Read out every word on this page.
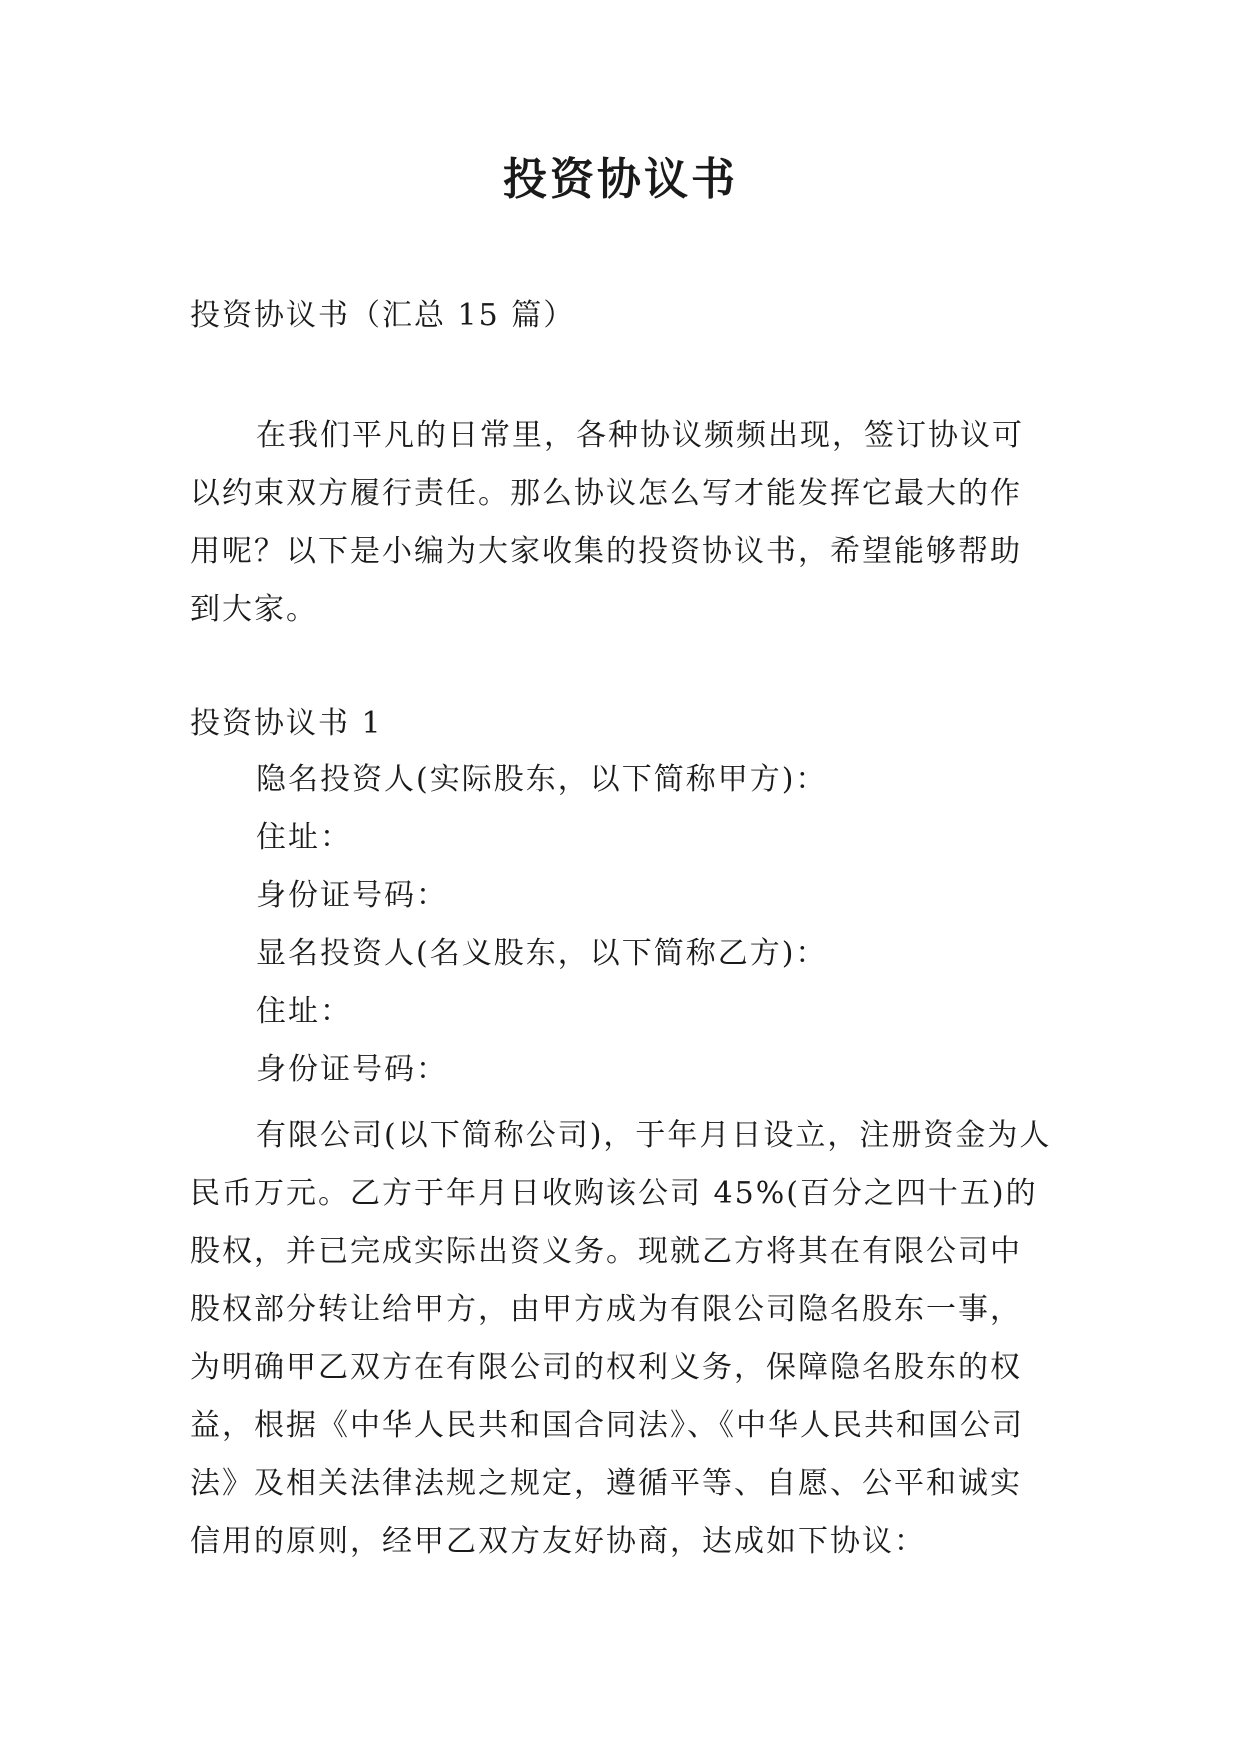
投资协议书
投资协议书（汇总 15 篇）

在我们平凡的日常里，各种协议频频出现，签订协议可以约束双方履行责任。那么协议怎么写才能发挥它最大的作用呢？以下是小编为大家收集的投资协议书，希望能够帮助到大家。

投资协议书 1
隐名投资人(实际股东，以下简称甲方)：
住址：
身份证号码：
显名投资人(名义股东，以下简称乙方)：
住址：
身份证号码：

有限公司(以下简称公司)，于年月日设立，注册资金为人民币万元。乙方于年月日收购该公司 45%(百分之四十五)的股权，并已完成实际出资义务。现就乙方将其在有限公司中股权部分转让给甲方，由甲方成为有限公司隐名股东一事，为明确甲乙双方在有限公司的权利义务，保障隐名股东的权益，根据《中华人民共和国合同法》、《中华人民共和国公司法》及相关法律法规之规定，遵循平等、自愿、公平和诚实信用的原则，经甲乙双方友好协商，达成如下协议：
